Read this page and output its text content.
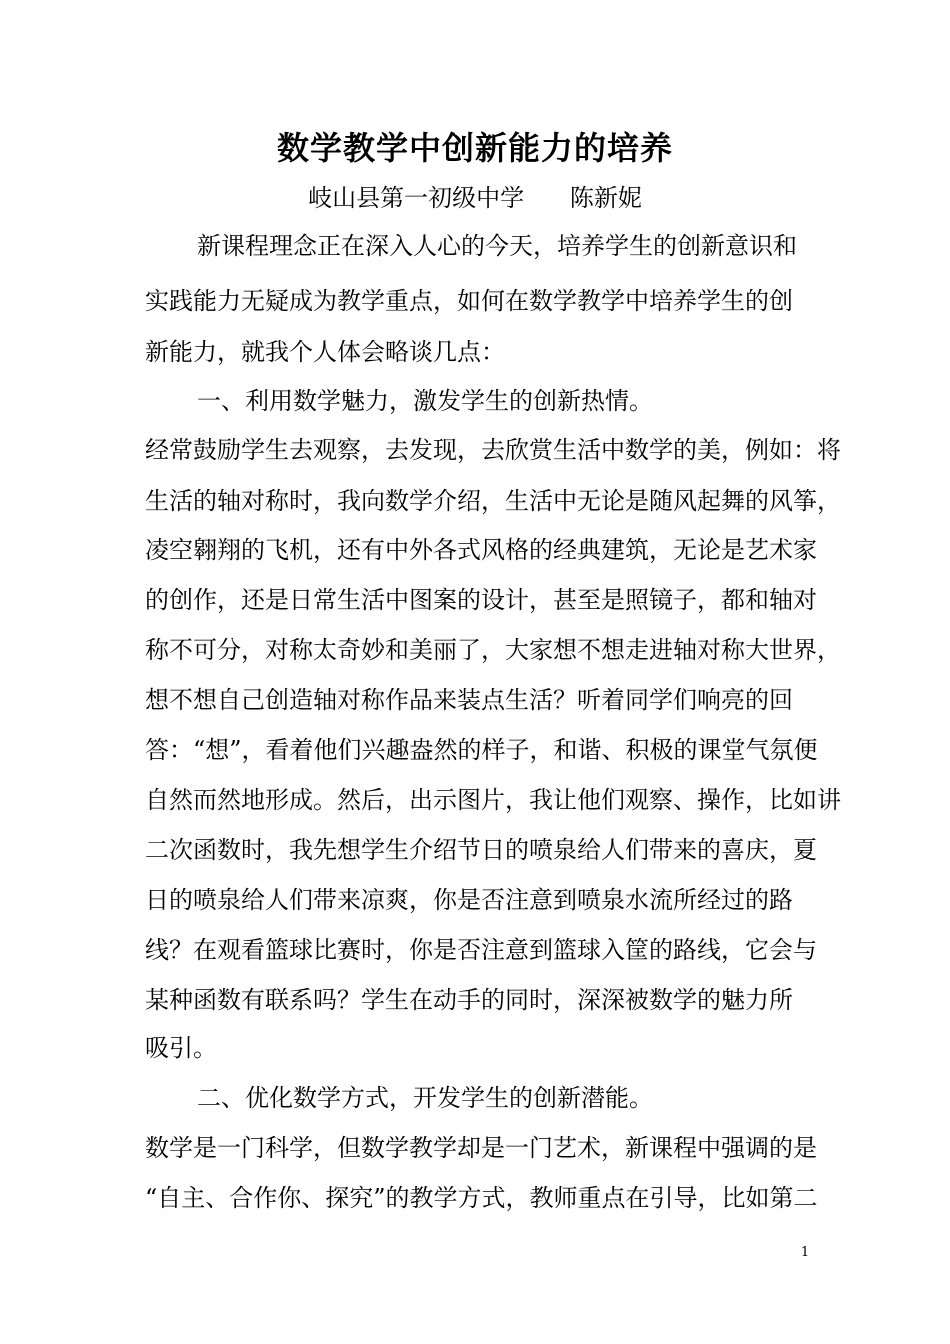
数学教学中创新能力的培养
岐山县第一初级中学      陈新妮
新课程理念正在深入人心的今天，培养学生的创新意识和
实践能力无疑成为教学重点，如何在数学教学中培养学生的创
新能力，就我个人体会略谈几点：
一、利用数学魅力，激发学生的创新热情。
经常鼓励学生去观察，去发现，去欣赏生活中数学的美，例如：将
生活的轴对称时，我向数学介绍，生活中无论是随风起舞的风筝，
凌空翱翔的飞机，还有中外各式风格的经典建筑，无论是艺术家
的创作，还是日常生活中图案的设计，甚至是照镜子，都和轴对
称不可分，对称太奇妙和美丽了，大家想不想走进轴对称大世界，
想不想自己创造轴对称作品来装点生活？听着同学们响亮的回
答：“想”，看着他们兴趣盎然的样子，和谐、积极的课堂气氛便
自然而然地形成。然后，出示图片，我让他们观察、操作，比如讲
二次函数时，我先想学生介绍节日的喷泉给人们带来的喜庆，夏
日的喷泉给人们带来凉爽，你是否注意到喷泉水流所经过的路
线？在观看篮球比赛时，你是否注意到篮球入筐的路线，它会与
某种函数有联系吗？学生在动手的同时，深深被数学的魅力所
吸引。
二、优化数学方式，开发学生的创新潜能。
数学是一门科学，但数学教学却是一门艺术，新课程中强调的是
“自主、合作你、探究”的教学方式，教师重点在引导，比如第二
1
